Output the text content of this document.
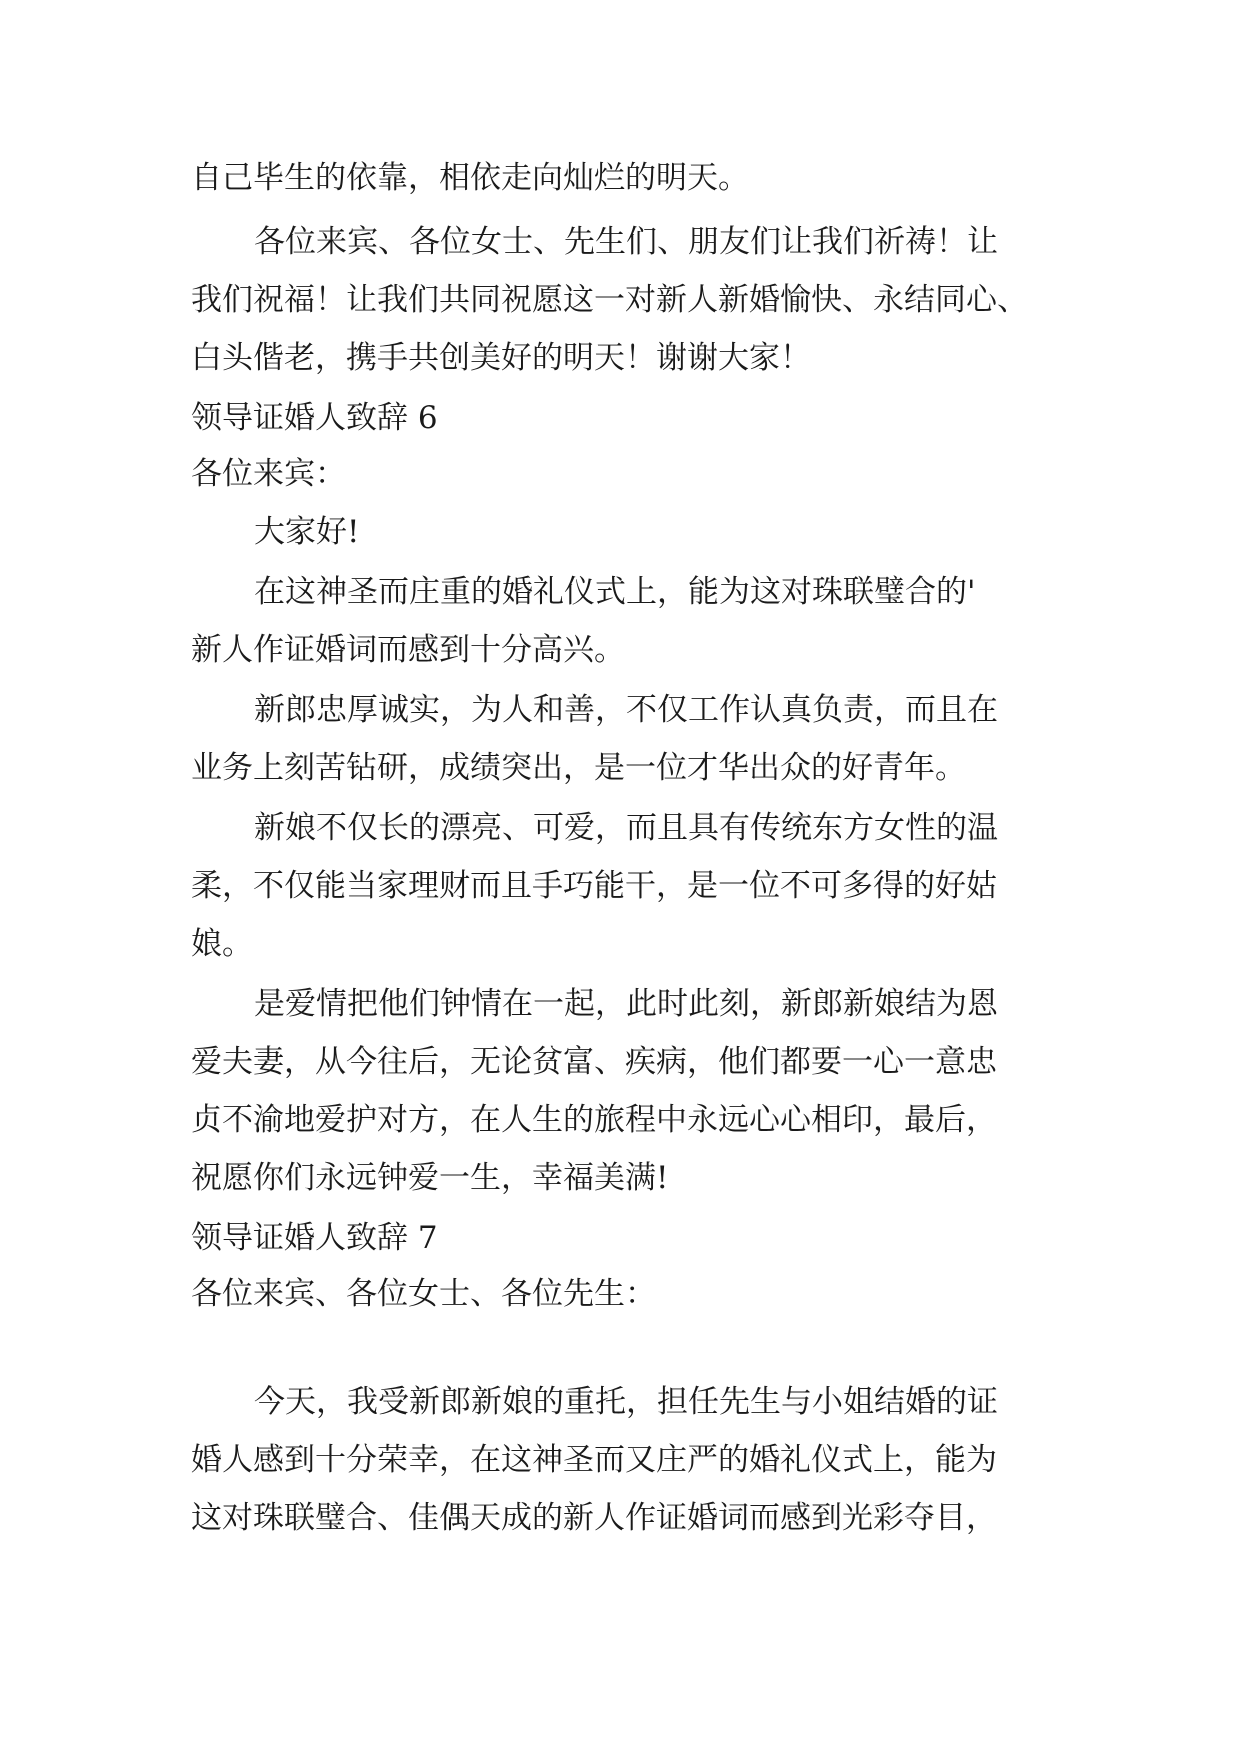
自己毕生的依靠，相依走向灿烂的明天。
各位来宾、各位女士、先生们、朋友们让我们祈祷！让
我们祝福！让我们共同祝愿这一对新人新婚愉快、永结同心、
白头偕老，携手共创美好的明天！谢谢大家！
领导证婚人致辞 6
各位来宾：
大家好!
在这神圣而庄重的婚礼仪式上，能为这对珠联璧合的'
新人作证婚词而感到十分高兴。
新郎忠厚诚实，为人和善，不仅工作认真负责，而且在
业务上刻苦钻研，成绩突出，是一位才华出众的好青年。
新娘不仅长的漂亮、可爱，而且具有传统东方女性的温
柔，不仅能当家理财而且手巧能干，是一位不可多得的好姑
娘。
是爱情把他们钟情在一起，此时此刻，新郎新娘结为恩
爱夫妻，从今往后，无论贫富、疾病，他们都要一心一意忠
贞不渝地爱护对方，在人生的旅程中永远心心相印，最后，
祝愿你们永远钟爱一生，幸福美满!
领导证婚人致辞 7
各位来宾、各位女士、各位先生：
今天，我受新郎新娘的重托，担任先生与小姐结婚的证
婚人感到十分荣幸，在这神圣而又庄严的婚礼仪式上，能为
这对珠联璧合、佳偶天成的新人作证婚词而感到光彩夺目，
